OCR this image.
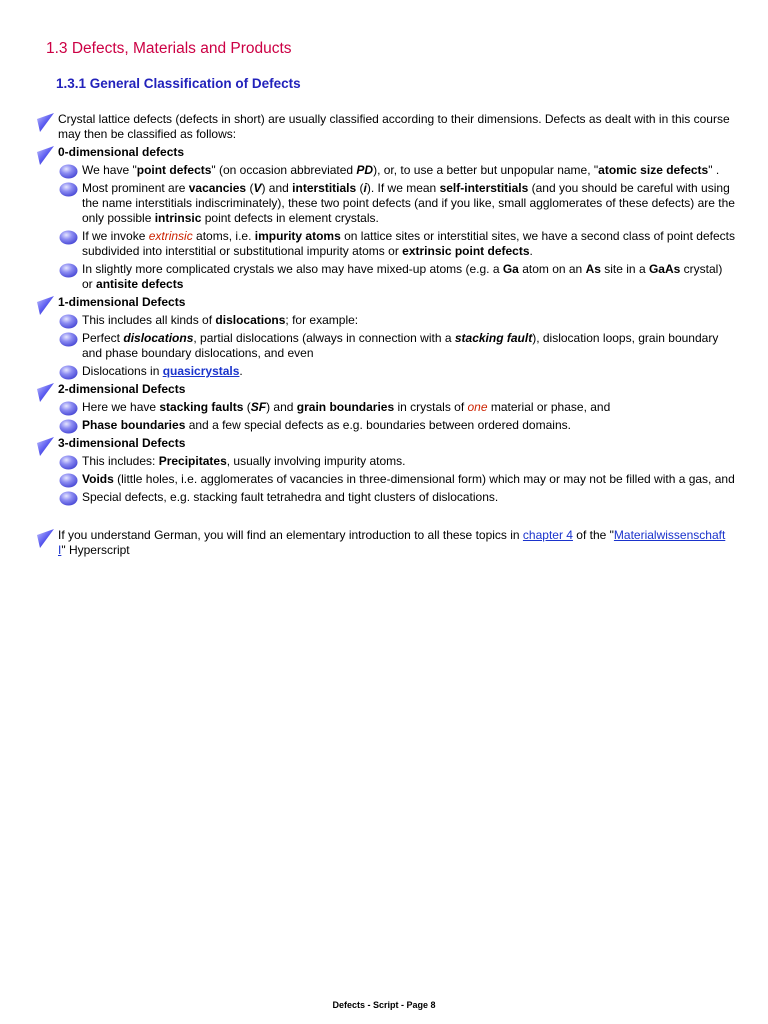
1.3 Defects, Materials and Products
1.3.1 General Classification of Defects
Crystal lattice defects (defects in short) are usually classified according to their dimensions. Defects as dealt with in this course may then be classified as follows:
0-dimensional defects
We have "point defects" (on occasion abbreviated PD), or, to use a better but unpopular name, "atomic size defects" .
Most prominent are vacancies (V) and interstitials (i). If we mean self-interstitials (and you should be careful with using the name interstitials indiscriminately), these two point defects (and if you like, small agglomerates of these defects) are the only possible intrinsic point defects in element crystals.
If we invoke extrinsic atoms, i.e. impurity atoms on lattice sites or interstitial sites, we have a second class of point defects subdivided into interstitial or substitutional impurity atoms or extrinsic point defects.
In slightly more complicated crystals we also may have mixed-up atoms (e.g. a Ga atom on an As site in a GaAs crystal) or antisite defects
1-dimensional Defects
This includes all kinds of dislocations; for example:
Perfect dislocations, partial dislocations (always in connection with a stacking fault), dislocation loops, grain boundary and phase boundary dislocations, and even
Dislocations in quasicrystals.
2-dimensional Defects
Here we have stacking faults (SF) and grain boundaries in crystals of one material or phase, and
Phase boundaries and a few special defects as e.g. boundaries between ordered domains.
3-dimensional Defects
This includes: Precipitates, usually involving impurity atoms.
Voids (little holes, i.e. agglomerates of vacancies in three-dimensional form) which may or may not be filled with a gas, and
Special defects, e.g. stacking fault tetrahedra and tight clusters of dislocations.
If you understand German, you will find an elementary introduction to all these topics in chapter 4 of the "Materialwissenschaft I" Hyperscript
Defects - Script - Page 8
